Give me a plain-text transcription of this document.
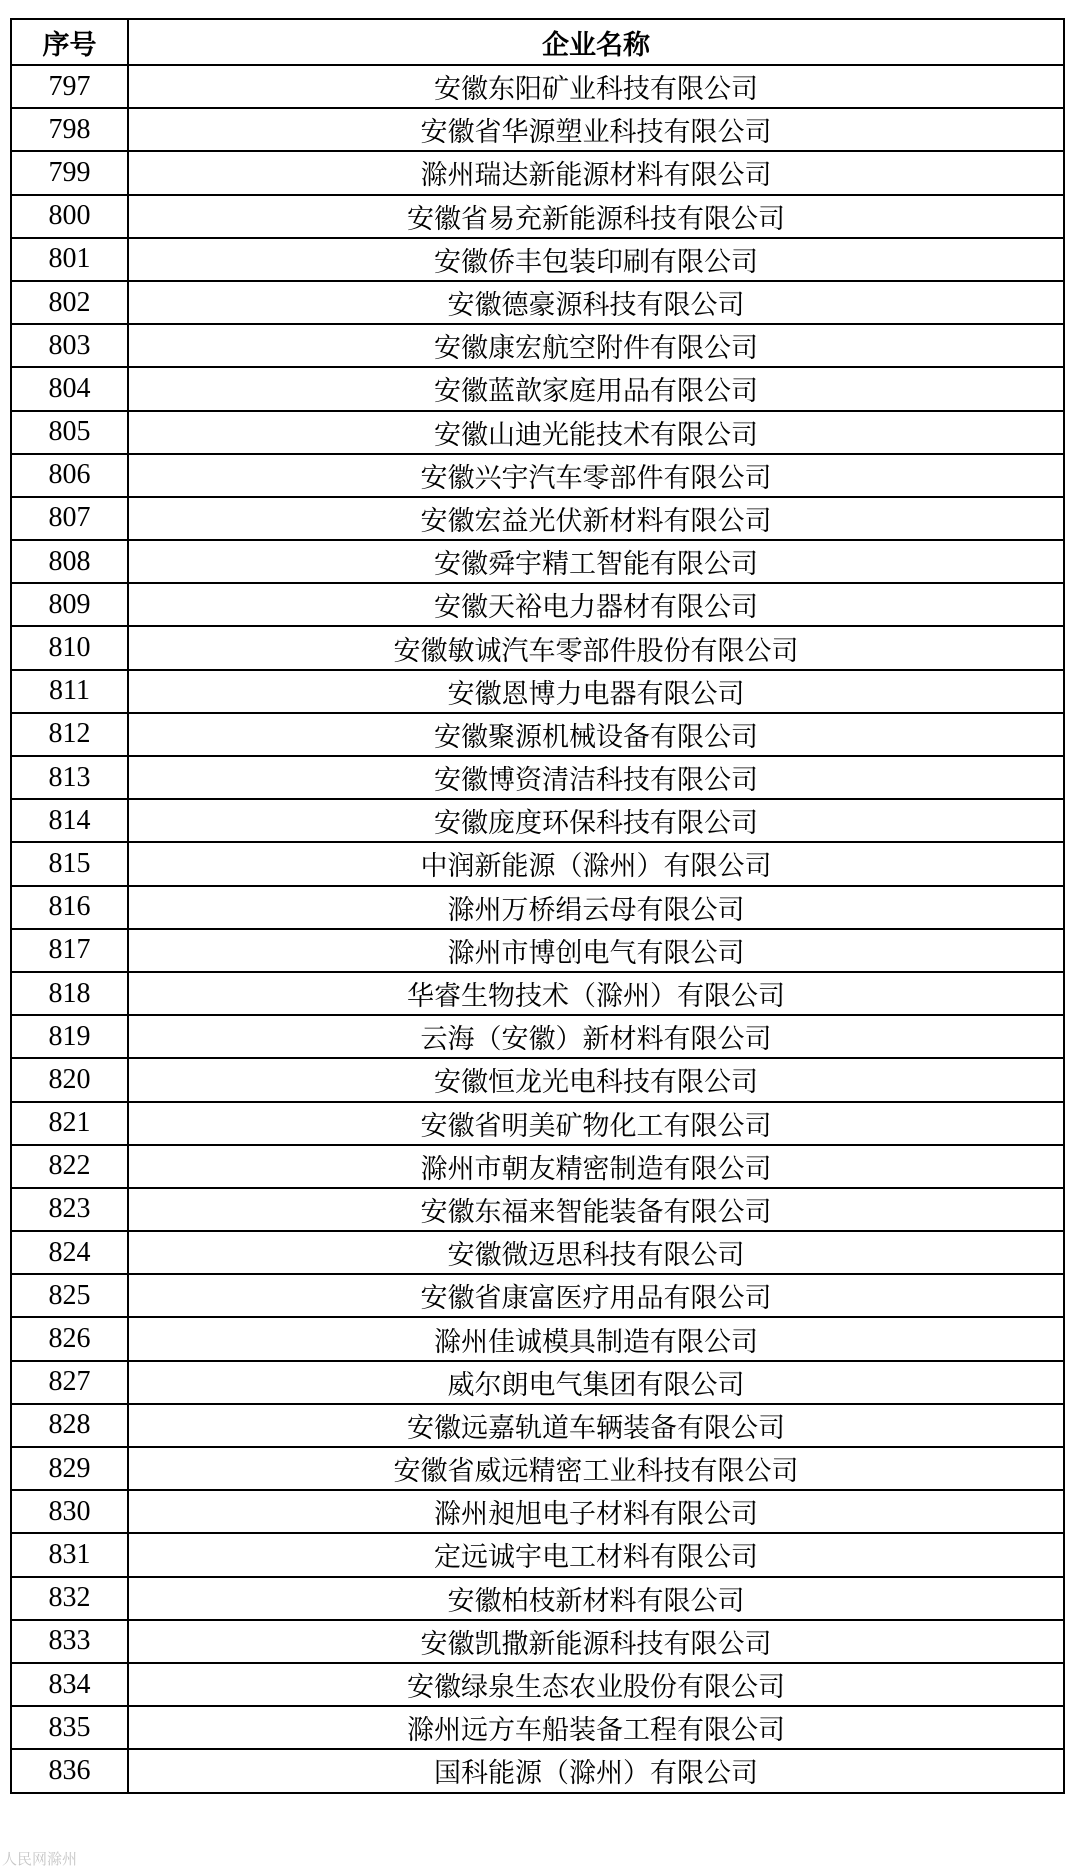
序号	企业名称
797	安徽东阳矿业科技有限公司
798	安徽省华源塑业科技有限公司
799	滁州瑞达新能源材料有限公司
800	安徽省易充新能源科技有限公司
801	安徽侨丰包装印刷有限公司
802	安徽德豪源科技有限公司
803	安徽康宏航空附件有限公司
804	安徽蓝歆家庭用品有限公司
805	安徽山迪光能技术有限公司
806	安徽兴宇汽车零部件有限公司
807	安徽宏益光伏新材料有限公司
808	安徽舜宇精工智能有限公司
809	安徽天裕电力器材有限公司
810	安徽敏诚汽车零部件股份有限公司
811	安徽恩博力电器有限公司
812	安徽聚源机械设备有限公司
813	安徽博资清洁科技有限公司
814	安徽庞度环保科技有限公司
815	中润新能源（滁州）有限公司
816	滁州万桥绢云母有限公司
817	滁州市博创电气有限公司
818	华睿生物技术（滁州）有限公司
819	云海（安徽）新材料有限公司
820	安徽恒龙光电科技有限公司
821	安徽省明美矿物化工有限公司
822	滁州市朝友精密制造有限公司
823	安徽东福来智能装备有限公司
824	安徽微迈思科技有限公司
825	安徽省康富医疗用品有限公司
826	滁州佳诚模具制造有限公司
827	威尔朗电气集团有限公司
828	安徽远嘉轨道车辆装备有限公司
829	安徽省威远精密工业科技有限公司
830	滁州昶旭电子材料有限公司
831	定远诚宇电工材料有限公司
832	安徽柏枝新材料有限公司
833	安徽凯撒新能源科技有限公司
834	安徽绿泉生态农业股份有限公司
835	滁州远方车船装备工程有限公司
836	国科能源（滁州）有限公司
人民网滁州
